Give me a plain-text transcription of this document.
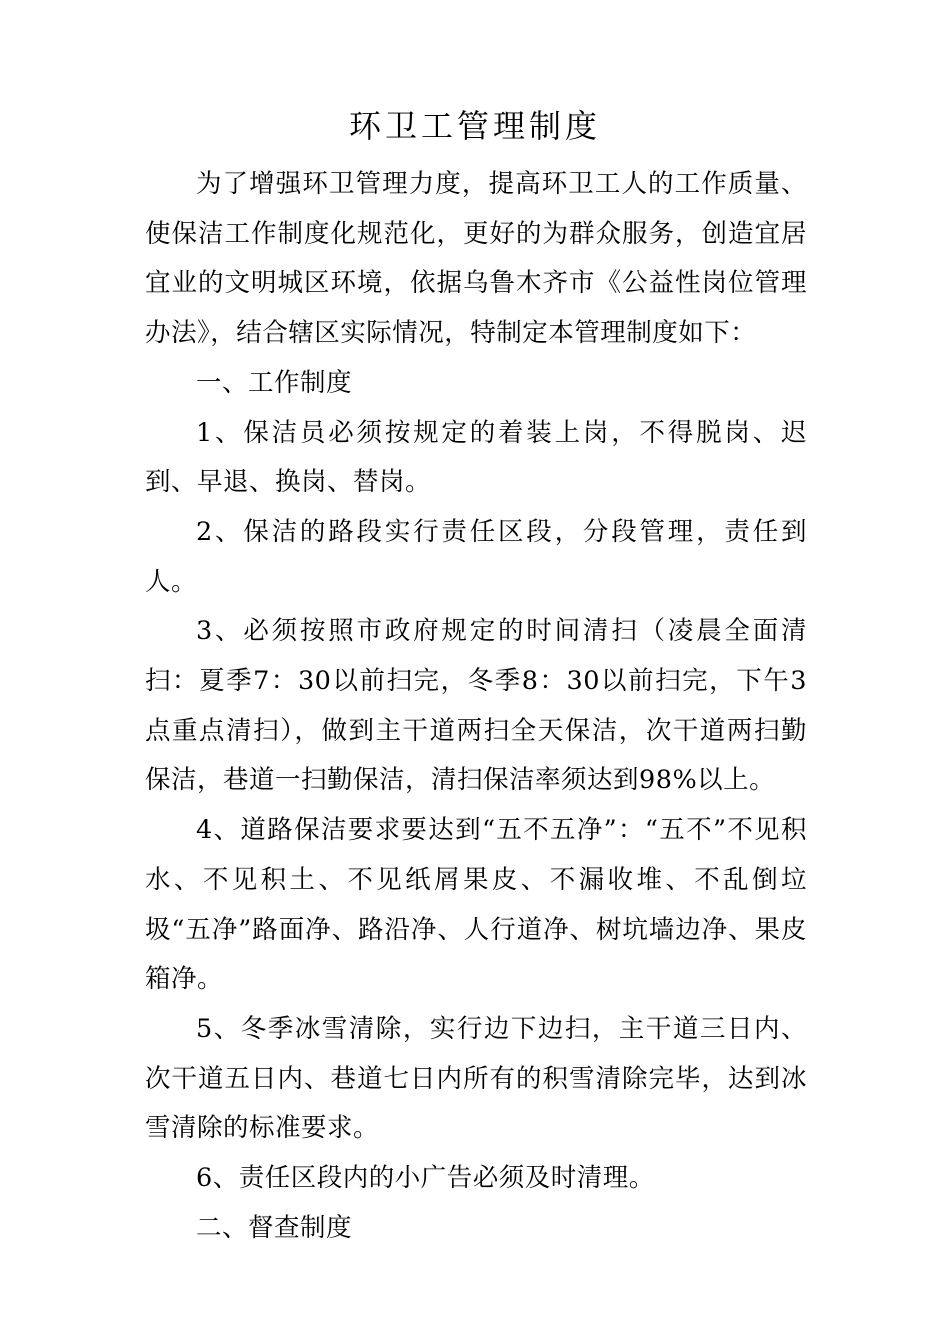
环卫工管理制度

为了增强环卫管理力度，提高环卫工人的工作质量、使保洁工作制度化规范化，更好的为群众服务，创造宜居宜业的文明城区环境，依据乌鲁木齐市《公益性岗位管理办法》，结合辖区实际情况，特制定本管理制度如下：

一、工作制度

1、保洁员必须按规定的着装上岗，不得脱岗、迟到、早退、换岗、替岗。

2、保洁的路段实行责任区段，分段管理，责任到人。

3、必须按照市政府规定的时间清扫（凌晨全面清扫：夏季7：30以前扫完，冬季8：30以前扫完，下午3点重点清扫），做到主干道两扫全天保洁，次干道两扫勤保洁，巷道一扫勤保洁，清扫保洁率须达到98%以上。

4、道路保洁要求要达到“五不五净”：“五不”不见积水、不见积土、不见纸屑果皮、不漏收堆、不乱倒垃圾“五净”路面净、路沿净、人行道净、树坑墙边净、果皮箱净。

5、冬季冰雪清除，实行边下边扫，主干道三日内、次干道五日内、巷道七日内所有的积雪清除完毕，达到冰雪清除的标准要求。

6、责任区段内的小广告必须及时清理。

二、督查制度
